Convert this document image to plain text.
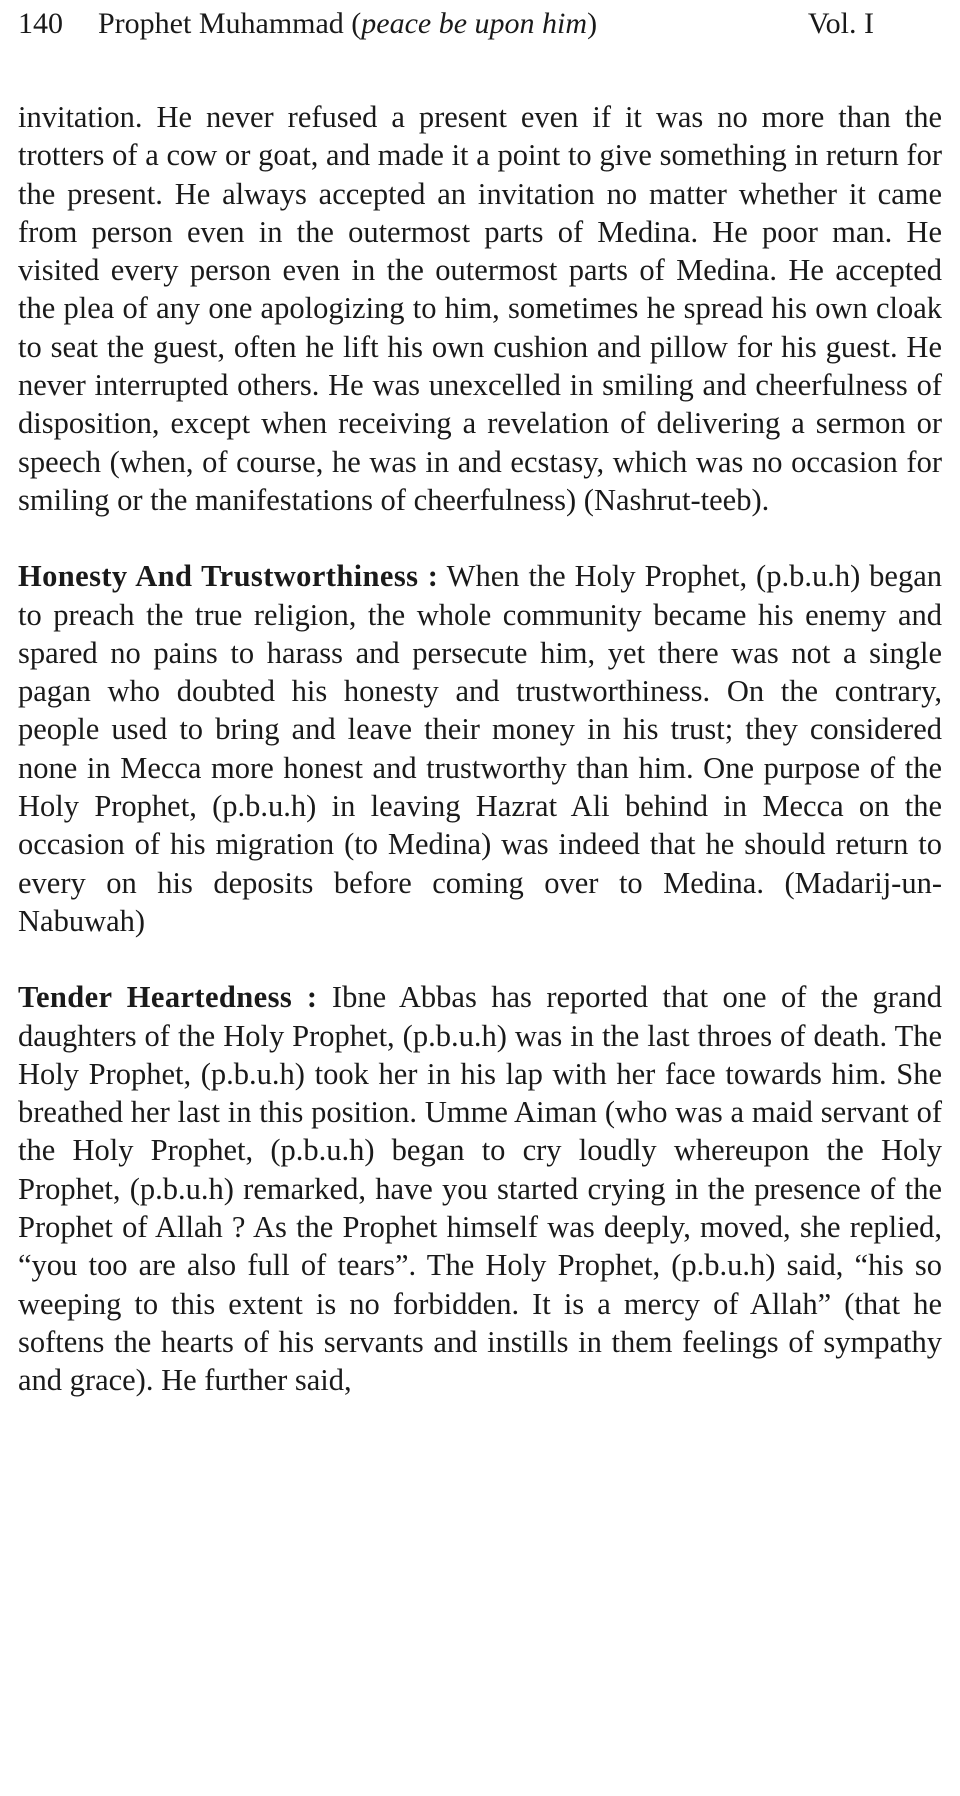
140	Prophet Muhammad (peace be upon him)	Vol. I

invitation. He never refused a present even if it was no more than the trotters of a cow or goat, and made it a point to give something in return for the present. He always accepted an invitation no matter whether it came from person even in the outermost parts of Medina. He poor man. He visited every person even in the outermost parts of Medina. He accepted the plea of any one apologizing to him, sometimes he spread his own cloak to seat the guest, often he lift his own cushion and pillow for his guest. He never interrupted others. He was unexcelled in smiling and cheerfulness of disposition, except when receiving a revelation of delivering a sermon or speech (when, of course, he was in and ecstasy, which was no occasion for smiling or the manifestations of cheerfulness) (Nashrut-teeb).

Honesty And Trustworthiness : When the Holy Prophet, (p.b.u.h) began to preach the true religion, the whole community became his enemy and spared no pains to harass and persecute him, yet there was not a single pagan who doubted his honesty and trustworthiness. On the contrary, people used to bring and leave their money in his trust; they considered none in Mecca more honest and trustworthy than him. One purpose of the Holy Prophet, (p.b.u.h) in leaving Hazrat Ali behind in Mecca on the occasion of his migration (to Medina) was indeed that he should return to every on his deposits before coming over to Medina. (Madarij-un-Nabuwah)

Tender Heartedness : Ibne Abbas has reported that one of the grand daughters of the Holy Prophet, (p.b.u.h) was in the last throes of death. The Holy Prophet, (p.b.u.h) took her in his lap with her face towards him. She breathed her last in this position. Umme Aiman (who was a maid servant of the Holy Prophet, (p.b.u.h) began to cry loudly whereupon the Holy Prophet, (p.b.u.h) remarked, have you started crying in the presence of the Prophet of Allah ? As the Prophet himself was deeply, moved, she replied, “you too are also full of tears”. The Holy Prophet, (p.b.u.h) said, “his so weeping to this extent is no forbidden. It is a mercy of Allah” (that he softens the hearts of his servants and instills in them feelings of sympathy and grace). He further said,
